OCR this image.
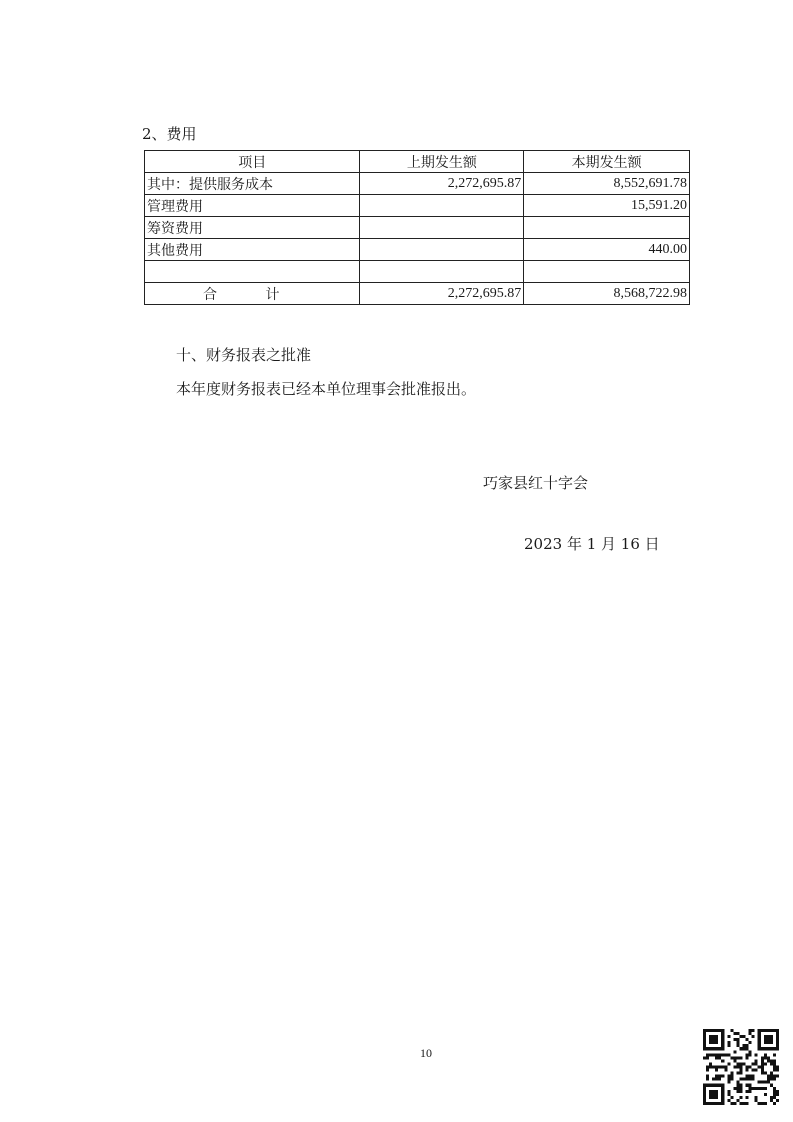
2、费用
项目	上期发生额	本期发生额
其中：提供服务成本	2,272,695.87	8,552,691.78
管理费用		15,591.20
筹资费用		
其他费用		440.00

合 计	2,272,695.87	8,568,722.98
十、财务报表之批准
本年度财务报表已经本单位理事会批准报出。
巧家县红十字会
2023 年 1 月 16 日
10
